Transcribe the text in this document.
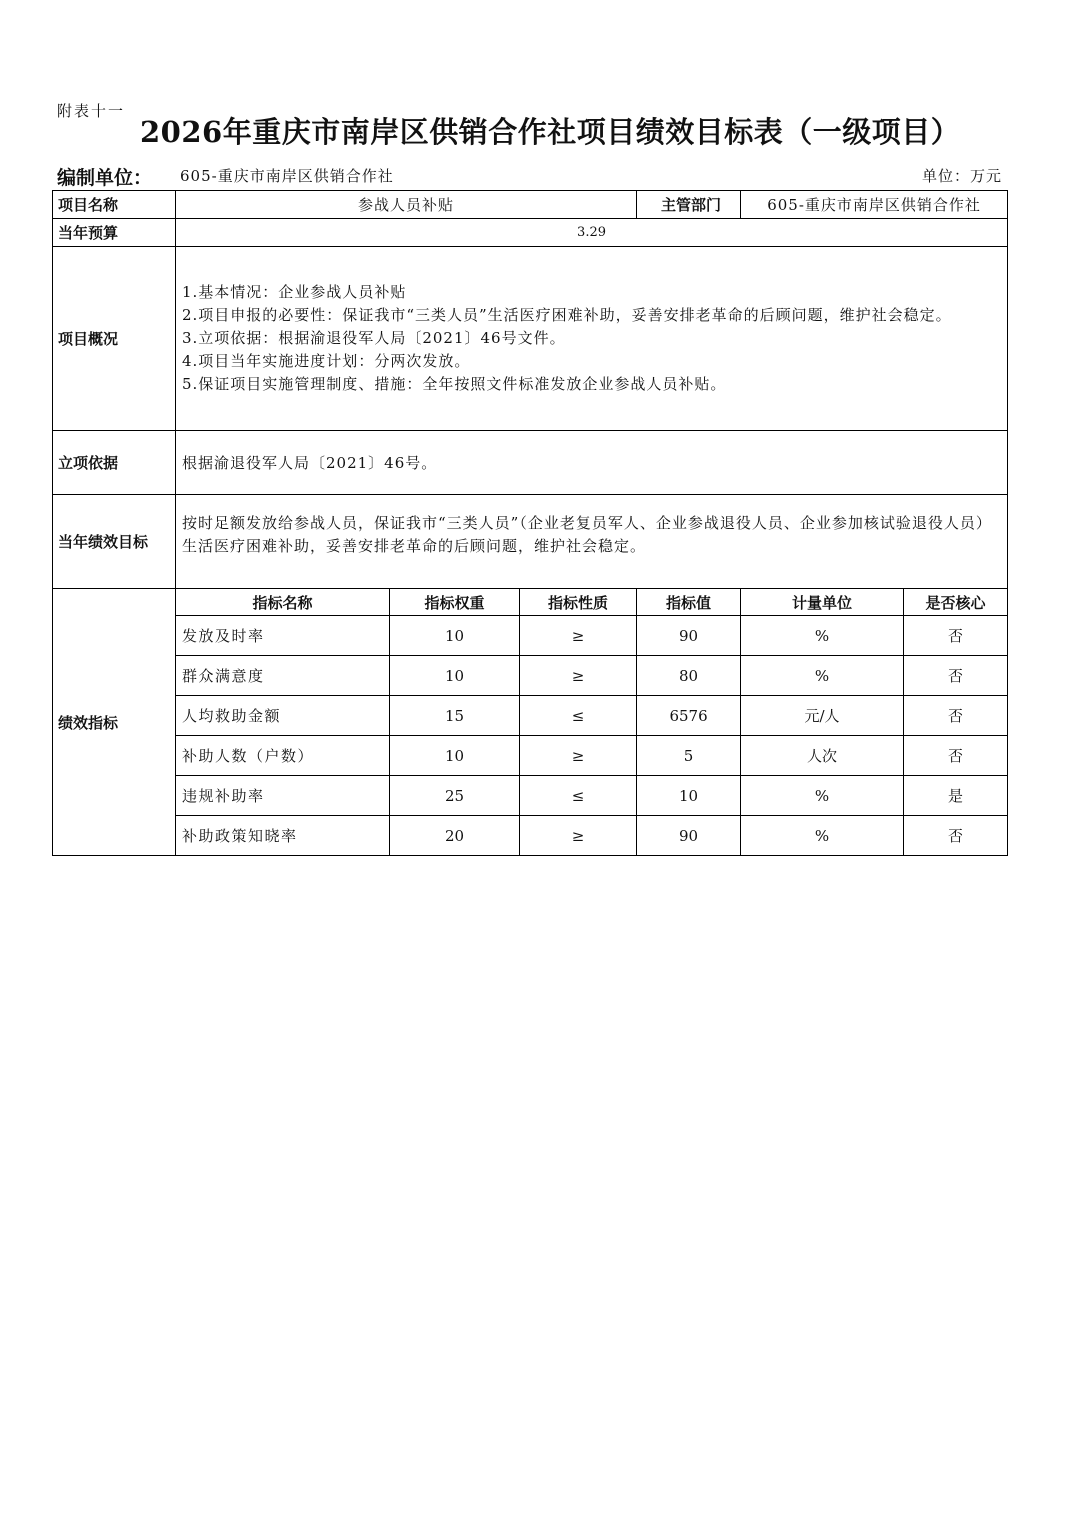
附表十一
2026年重庆市南岸区供销合作社项目绩效目标表（一级项目）
编制单位： 605-重庆市南岸区供销合作社	单位：万元
项目名称	参战人员补贴			主管部门	605-重庆市南岸区供销合作社	
当年预算	3.29					
项目概况	1.基本情况：企业参战人员补贴
2.项目申报的必要性：保证我市“三类人员”生活医疗困难补助，妥善安排老革命的后顾问题，维护社会稳定。
3.立项依据：根据渝退役军人局〔2021〕46号文件。
4.项目当年实施进度计划：分两次发放。
5.保证项目实施管理制度、措施：全年按照文件标准发放企业参战人员补贴。					

立项依据	根据渝退役军人局〔2021〕46号。					
当年绩效目标	按时足额发放给参战人员，保证我市“三类人员”（企业老复员军人、企业参战退役人员、企业参加核试验退役人员）生活医疗困难补助，妥善安排老革命的后顾问题，维护社会稳定。					
绩效指标	指标名称	指标权重	指标性质	指标值	计量单位	是否核心
	发放及时率	10	≥	90	%	否
	群众满意度	10	≥	80	%	否
	人均救助金额	15	≤	6576	元/人	否
	补助人数（户数）	10	≥	5	人次	否
	违规补助率	25	≤	10	%	是
	补助政策知晓率	20	≥	90	%	否
